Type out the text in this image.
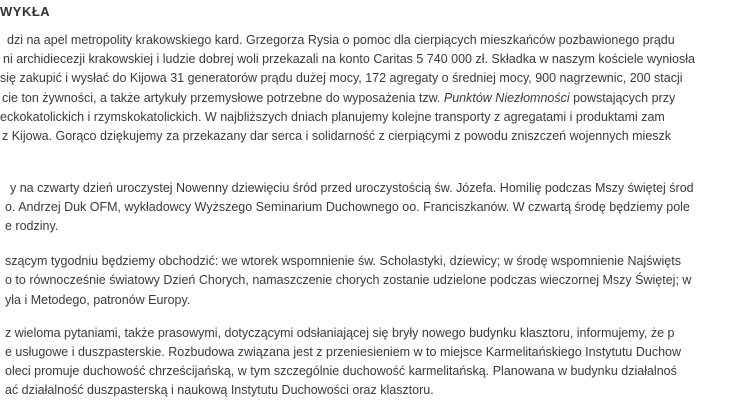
WYKŁA
dzi na apel metropolity krakowskiego kard. Grzegorza Rysia o pomoc dla cierpiących mieszkańców pozbawionego prądu
ni archidiecezji krakowskiej i ludzie dobrej woli przekazali na konto Caritas 5 740 000 zł. Składka w naszym kościele wyniosła
się zakupić i wysłać do Kijowa 31 generatorów prądu dużej mocy, 172 agregaty o średniej mocy, 900 nagrzewnic, 200 stacji
cie ton żywności, a także artykuły przemysłowe potrzebne do wyposażenia tzw. Punktów Niezłomności powstających przy
eckokatolickich i rzymskokatolickich. W najbliższych dniach planujemy kolejne transporty z agregatami i produktami zam
z Kijowa. Gorąco dziękujemy za przekazany dar serca i solidarność z cierpiącymi z powodu zniszczeń wojennych mieszk
y na czwarty dzień uroczystej Nowenny dziewięciu śród przed uroczystością św. Józefa. Homilię podczas Mszy świętej środ
o. Andrzej Duk OFM, wykładowcy Wyższego Seminarium Duchownego oo. Franciszkanów. W czwartą środę będziemy pole
e rodziny.
szącym tygodniu będziemy obchodzić: we wtorek wspomnienie św. Scholastyki, dziewicy; w środę wspomnienie Najświęts
o to równocześnie światowy Dzień Chorych, namaszczenie chorych zostanie udzielone podczas wieczornej Mszy Świętej; w
yla i Metodego, patronów Europy.
z wieloma pytaniami, także prasowymi, dotyczącymi odsłaniającej się bryły nowego budynku klasztoru, informujemy, że p
e usługowe i duszpasterskie. Rozbudowa związana jest z przeniesieniem w to miejsce Karmelitańskiego Instytutu Duchow
oleci promuje duchowość chrześcijańską, w tym szczególnie duchowość karmelitańską. Planowana w budynku działalnoś
ać działalność duszpasterską i naukową Instytutu Duchowości oraz klasztoru.
